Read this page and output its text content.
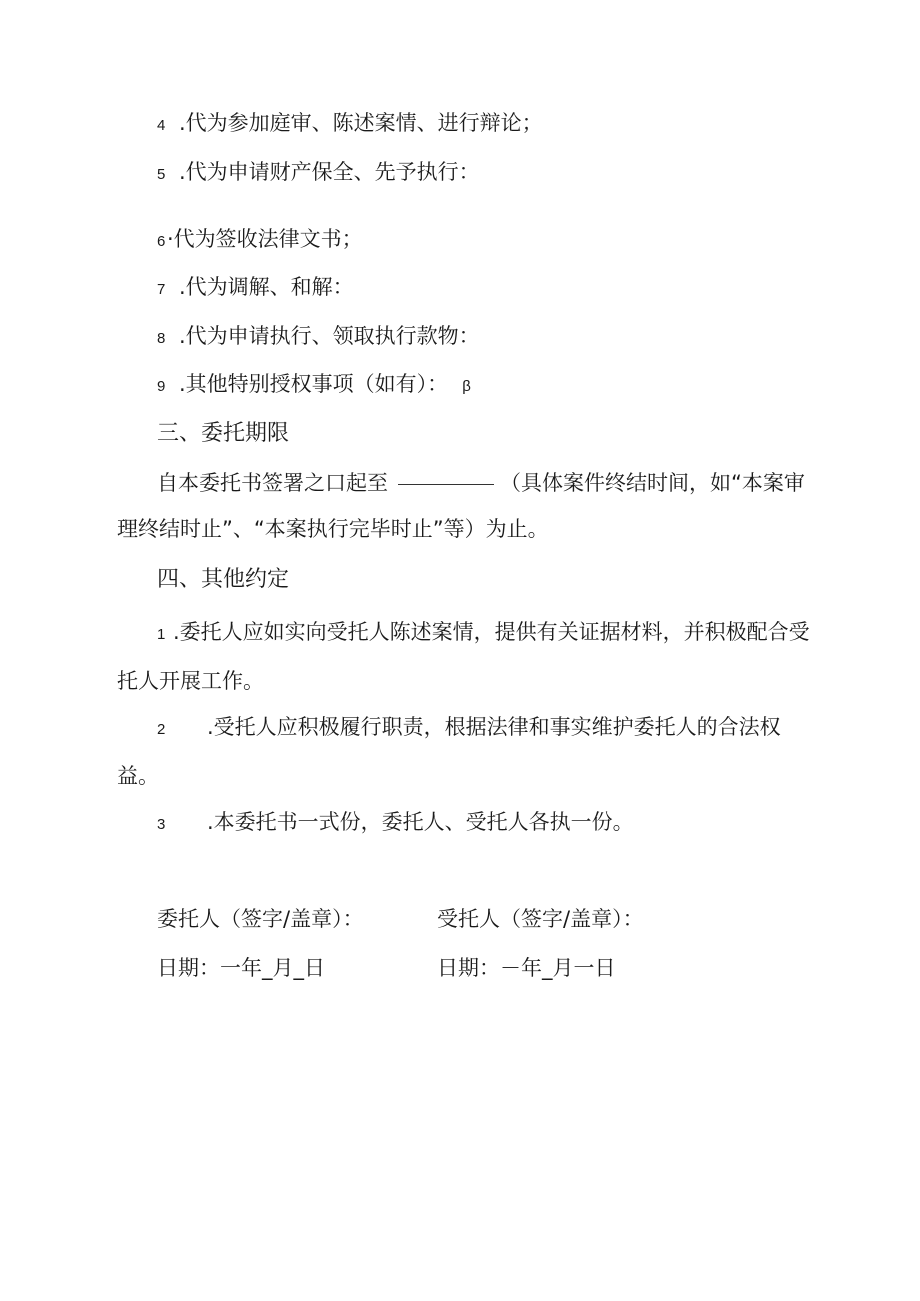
4 .代为参加庭审、陈述案情、进行辩论；
5 .代为申请财产保全、先予执行：
6·代为签收法律文书；
7 .代为调解、和解：
8 .代为申请执行、领取执行款物：
9 .其他特别授权事项（如有）： β
三、委托期限
自本委托书签署之口起至	（具体案件终结时间，如“本案审理终结时止”、“本案执行完毕时止”等）为止。
四、其他约定
1 .委托人应如实向受托人陈述案情，提供有关证据材料，并积极配合受托人开展工作。
2 .受托人应积极履行职责，根据法律和事实维护委托人的合法权益。
3 .本委托书一式份，委托人、受托人各执一份。
委托人（签字/盖章）：
日期：一年_月_日
受托人（签字/盖章）：
日期：－年_月一日
